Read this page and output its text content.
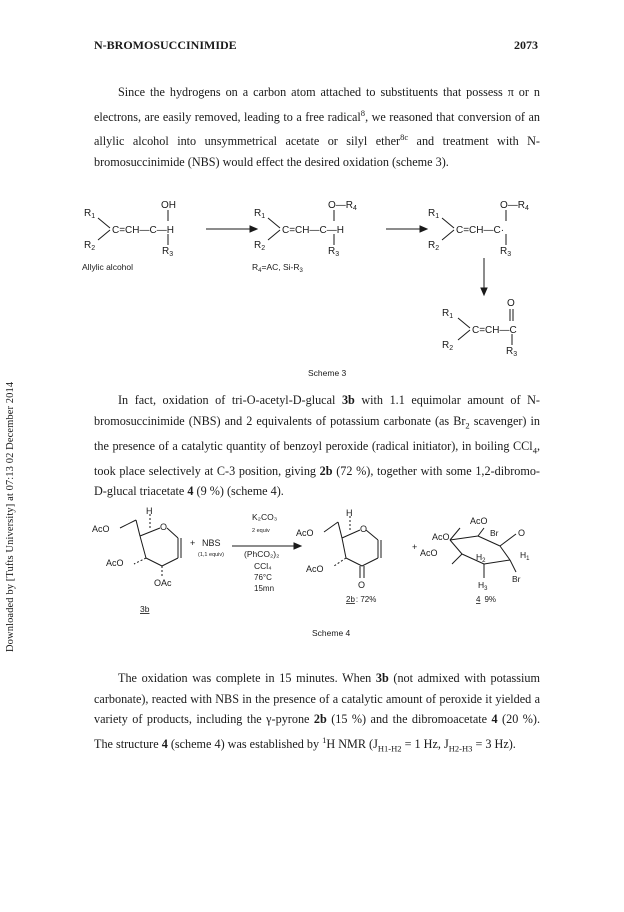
Downloaded by [Tufts University] at 07:13 02 December 2014
N-BROMOSUCCINIMIDE	2073
Since the hydrogens on a carbon atom attached to substituents that possess π or n electrons, are easily removed, leading to a free radical$^8$, we reasoned that conversion of an allylic alcohol into unsymmetrical acetate or silyl ether$^{8c}$ and treatment with N-bromosuccinimide (NBS) would effect the desired oxidation (scheme 3).
$R_1$
$R_2$
C=CH—C—H
OH
$R_3$
Allylic alcohol
$R_1$
$R_2$
C=CH—C—H
$O—R_4$
$R_3$
$R_4=AC$, $Si-R_3$
$R_1$
$R_2$
C=CH—C·
$O—R_4$
$R_3$
$R_1$
$R_2$
C=CH—C
O
$R_3$
Scheme 3
In fact, oxidation of tri-O-acetyl-D-glucal 3b with 1.1 equimolar amount of N-bromosuccinimide (NBS) and 2 equivalents of potassium carbonate (as $Br_2$ scavenger) in the presence of a catalytic quantity of benzoyl peroxide (radical initiator), in boiling CCl$_4$, took place selectively at C-3 position, giving 2b (72 %), together with some 1,2-dibromo-D-glucal triacetate 4 (9 %) (scheme 4).
AcO
H
O
AcO
OAc
3b
+ NBS
(1,1 equiv)
K₂CO₃
2 equiv
(PhCO₂)₂
CCl₄
76°C
15mn
H
O
AcO
AcO
O
2b: 72%
+
AcO
AcO
AcO
Br O
$H_1$
$H_2$
Br
$H_3$
4 9%
Scheme 4
The oxidation was complete in 15 minutes. When 3b (not admixed with potassium carbonate), reacted with NBS in the presence of a catalytic amount of peroxide it yielded a variety of products, including the γ-pyrone 2b (15 %) and the dibromoacetate 4 (20 %). The structure 4 (scheme 4) was established by $^1$H NMR ($J_{H1-H2} = 1$ Hz, $J_{H2-H3} = 3$ Hz).
